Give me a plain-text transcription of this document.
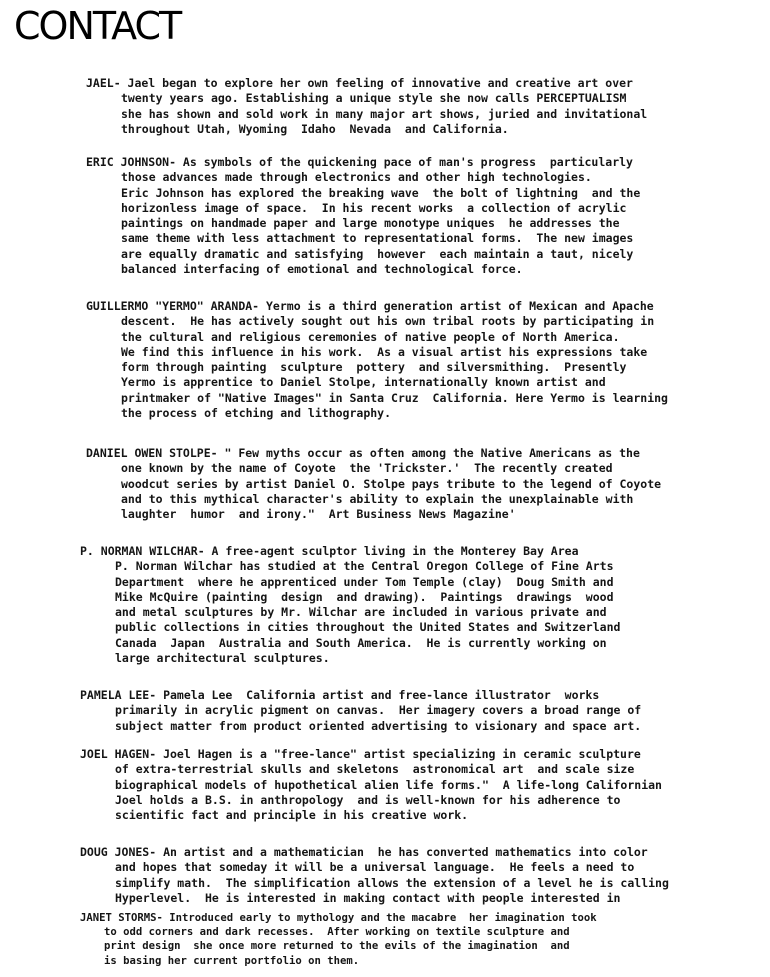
CONTACT
JAEL- Jael began to explore her own feeling of innovative and creative art over
twenty years ago. Establishing a unique style she now calls PERCEPTUALISM
she has shown and sold work in many major art shows, juried and invitational
throughout Utah, Wyoming  Idaho  Nevada  and California.
ERIC JOHNSON- As symbols of the quickening pace of man's progress  particularly
those advances made through electronics and other high technologies.
Eric Johnson has explored the breaking wave  the bolt of lightning  and the
horizonless image of space.  In his recent works  a collection of acrylic
paintings on handmade paper and large monotype uniques  he addresses the
same theme with less attachment to representational forms.  The new images
are equally dramatic and satisfying  however  each maintain a taut, nicely
balanced interfacing of emotional and technological force.
GUILLERMO "YERMO" ARANDA- Yermo is a third generation artist of Mexican and Apache
descent.  He has actively sought out his own tribal roots by participating in
the cultural and religious ceremonies of native people of North America.
We find this influence in his work.  As a visual artist his expressions take
form through painting  sculpture  pottery  and silversmithing.  Presently
Yermo is apprentice to Daniel Stolpe, internationally known artist and
printmaker of "Native Images" in Santa Cruz  California. Here Yermo is learning
the process of etching and lithography.
DANIEL OWEN STOLPE- " Few myths occur as often among the Native Americans as the
one known by the name of Coyote  the 'Trickster.'  The recently created
woodcut series by artist Daniel O. Stolpe pays tribute to the legend of Coyote
and to this mythical character's ability to explain the unexplainable with
laughter  humor  and irony."  Art Business News Magazine'
P. NORMAN WILCHAR- A free-agent sculptor living in the Monterey Bay Area
P. Norman Wilchar has studied at the Central Oregon College of Fine Arts
Department  where he apprenticed under Tom Temple (clay)  Doug Smith and
Mike McQuire (painting  design  and drawing).  Paintings  drawings  wood
and metal sculptures by Mr. Wilchar are included in various private and
public collections in cities throughout the United States and Switzerland
Canada  Japan  Australia and South America.  He is currently working on
large architectural sculptures.
PAMELA LEE- Pamela Lee  California artist and free-lance illustrator  works
primarily in acrylic pigment on canvas.  Her imagery covers a broad range of
subject matter from product oriented advertising to visionary and space art.
JOEL HAGEN- Joel Hagen is a "free-lance" artist specializing in ceramic sculpture
of extra-terrestrial skulls and skeletons  astronomical art  and scale size
biographical models of hupothetical alien life forms."  A life-long Californian
Joel holds a B.S. in anthropology  and is well-known for his adherence to
scientific fact and principle in his creative work.
DOUG JONES- An artist and a mathematician  he has converted mathematics into color
and hopes that someday it will be a universal language.  He feels a need to
simplify math.  The simplification allows the extension of a level he is calling
Hyperlevel.  He is interested in making contact with people interested in
JANET STORMS- Introduced early to mythology and the macabre  her imagination took
to odd corners and dark recesses.  After working on textile sculpture and
print design  she once more returned to the evils of the imagination  and
is basing her current portfolio on them.
